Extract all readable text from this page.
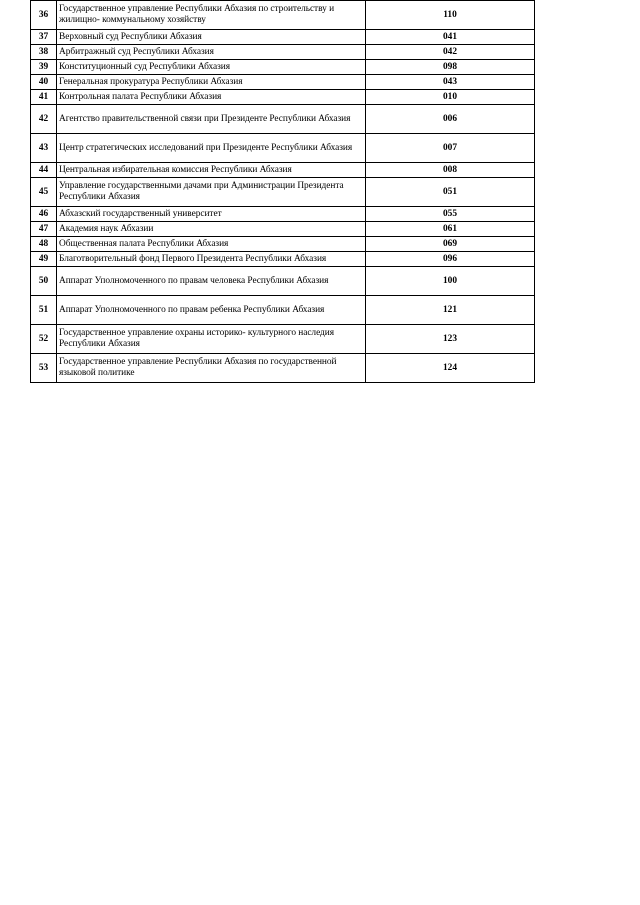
36	Государственное управление Республики Абхазия по строительству и жилищно- коммунальному хозяйству	110
37	Верховный суд Республики Абхазия	041
38	Арбитражный суд Республики Абхазия	042
39	Конституционный суд Республики Абхазия	098
40	Генеральная прокуратура Республики Абхазия	043
41	Контрольная палата Республики Абхазия	010
42	Агентство правительственной связи при Президенте Республики Абхазия	006
43	Центр стратегических исследований при Президенте Республики Абхазия	007
44	Центральная избирательная комиссия Республики Абхазия	008
45	Управление государственными дачами при Администрации Президента Республики Абхазия	051
46	Абхазский государственный университет	055
47	Академия наук Абхазии	061
48	Общественная палата Республики Абхазия	069
49	Благотворительный фонд Первого Президента Республики Абхазия	096
50	Аппарат Уполномоченного по правам человека Республики Абхазия	100
51	Аппарат Уполномоченного по правам ребенка Республики Абхазия	121
52	Государственное управление охраны историко- культурного наследия Республики Абхазия	123
53	Государственное управление Республики Абхазия по государственной языковой политике	124
